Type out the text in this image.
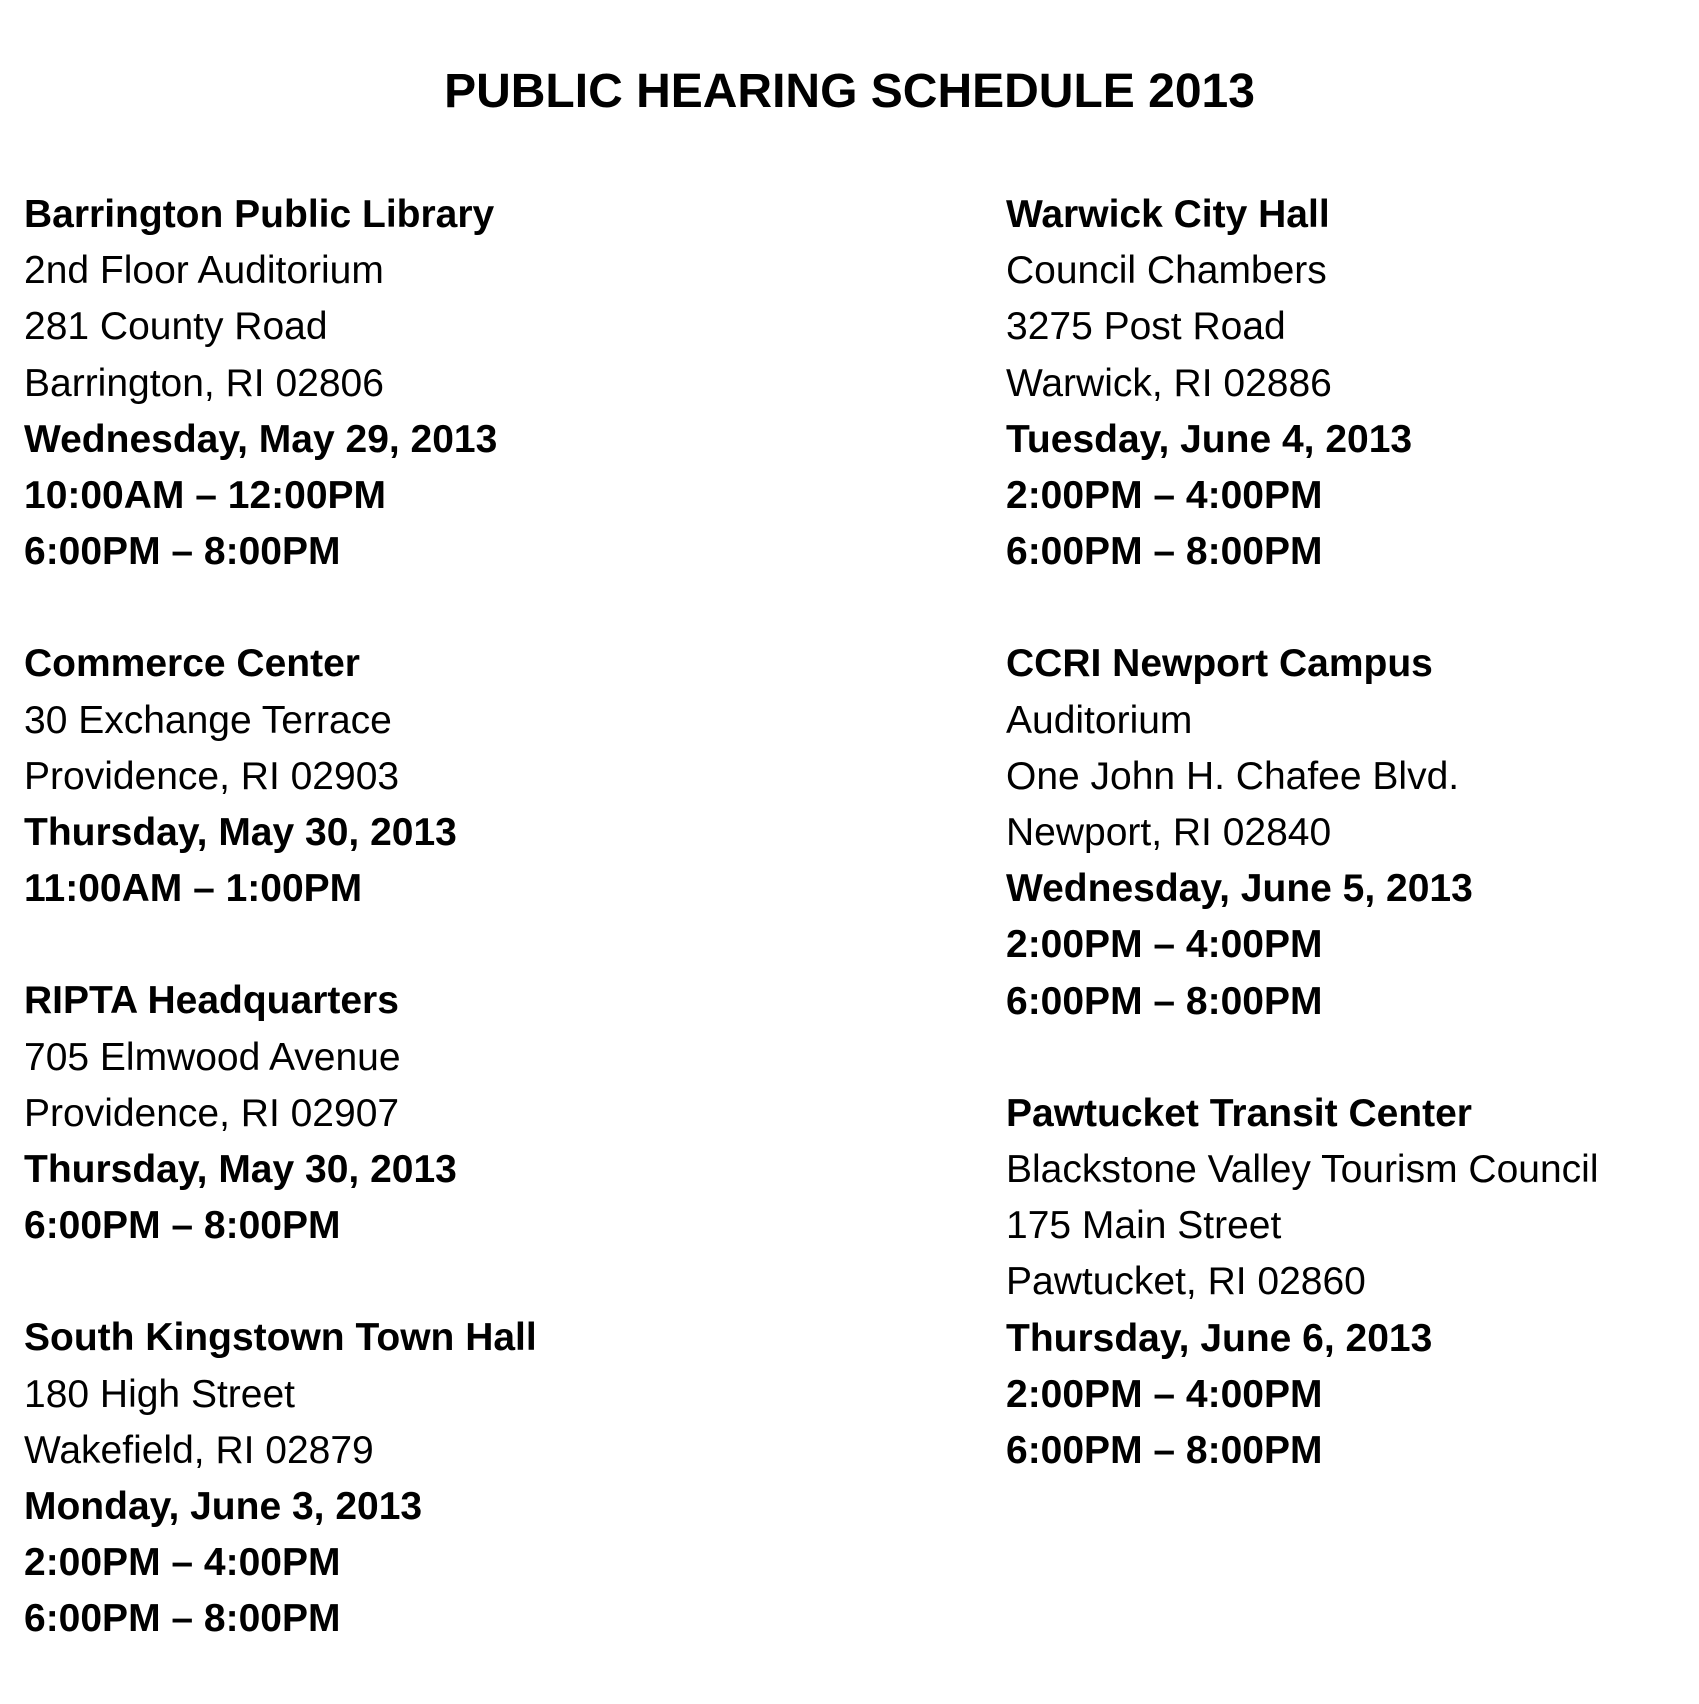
PUBLIC HEARING SCHEDULE 2013
Barrington Public Library
2nd Floor Auditorium
281 County Road
Barrington, RI 02806
Wednesday, May 29, 2013
10:00AM – 12:00PM
6:00PM – 8:00PM
Commerce Center
30 Exchange Terrace
Providence, RI 02903
Thursday, May 30, 2013
11:00AM – 1:00PM
RIPTA Headquarters
705 Elmwood Avenue
Providence, RI 02907
Thursday, May 30, 2013
6:00PM – 8:00PM
South Kingstown Town Hall
180 High Street
Wakefield, RI 02879
Monday, June 3, 2013
2:00PM – 4:00PM
6:00PM – 8:00PM
Warwick City Hall
Council Chambers
3275 Post Road
Warwick, RI 02886
Tuesday, June 4, 2013
2:00PM – 4:00PM
6:00PM – 8:00PM
CCRI Newport Campus
Auditorium
One John H. Chafee Blvd.
Newport, RI 02840
Wednesday, June 5, 2013
2:00PM – 4:00PM
6:00PM – 8:00PM
Pawtucket Transit Center
Blackstone Valley Tourism Council
175 Main Street
Pawtucket, RI 02860
Thursday, June 6, 2013
2:00PM – 4:00PM
6:00PM – 8:00PM
